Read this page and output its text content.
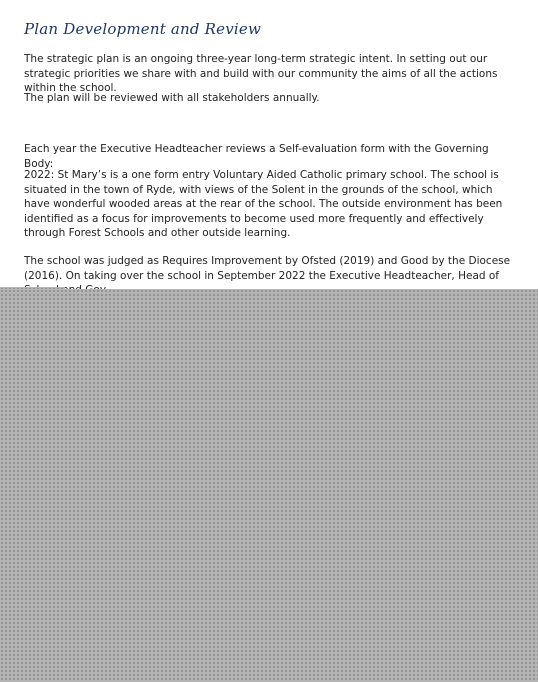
Plan Development and Review

The strategic plan is an ongoing three-year long-term strategic intent. In setting out our strategic priorities we share with and build with our community the aims of all the actions within the school.

The plan will be reviewed with all stakeholders annually.

Each year the Executive Headteacher reviews a Self-evaluation form with the Governing Body:

2022: St Mary’s is a one form entry Voluntary Aided Catholic primary school. The school is situated in the town of Ryde, with views of the Solent in the grounds of the school, which have wonderful wooded areas at the rear of the school. The outside environment has been identified as a focus for improvements to become used more frequently and effectively through Forest Schools and other outside learning.

The school was judged as Requires Improvement by Ofsted (2019) and Good by the Diocese (2016). On taking over the school in September 2022 the Executive Headteacher, Head of
